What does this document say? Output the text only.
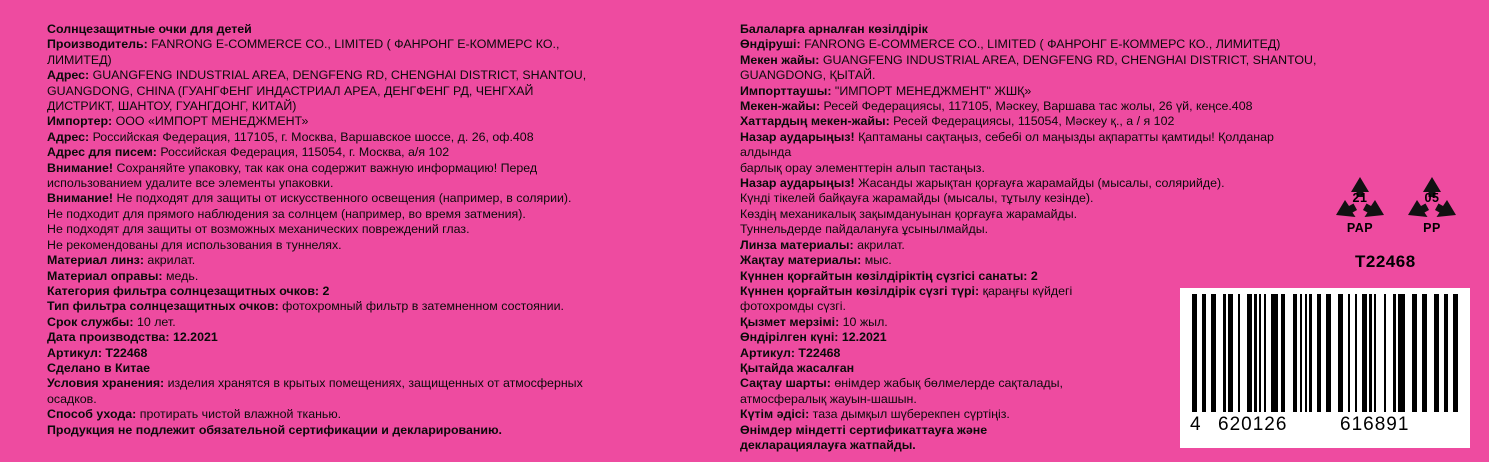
Солнцезащитные очки для детей

Производитель: FANRONG E-COMMERCE CO., LIMITED ( ФАНРОНГ Е-КОММЕРС КО.,

ЛИМИТЕД)

Адрес: GUANGFENG INDUSTRIAL AREA, DENGFENG RD, CHENGHAI DISTRICT, SHANTOU,

GUANGDONG, CHINA (ГУАНГФЕНГ ИНДАСТРИАЛ АРЕА, ДЕНГФЕНГ РД, ЧЕНГХАЙ

ДИСТРИКТ, ШАНТОУ, ГУАНГДОНГ, КИТАЙ)

Импортер: ООО «ИМПОРТ МЕНЕДЖМЕНТ»

Адрес: Российская Федерация, 117105, г. Москва, Варшавское шоссе, д. 26, оф.408

Адрес для писем: Российская Федерация, 115054, г. Москва, а/я 102

Внимание! Сохраняйте упаковку, так как она содержит важную информацию! Перед

использованием удалите все элементы упаковки.

Внимание! Не подходят для защиты от искусственного освещения (например, в солярии).

Не подходит для прямого наблюдения за солнцем (например, во время затмения).

Не подходят для защиты от возможных механических повреждений глаз.

Не рекомендованы для использования в туннелях.

Материал линз: акрилат.

Материал оправы: медь.

Категория фильтра солнцезащитных очков: 2

Тип фильтра солнцезащитных очков: фотохромный фильтр в затемненном состоянии.

Срок службы: 10 лет.

Дата производства: 12.2021

Артикул: T22468

Сделано в Китае

Условия хранения: изделия хранятся в крытых помещениях, защищенных от атмосферных

осадков.

Способ ухода: протирать чистой влажной тканью.

Продукция не подлежит обязательной сертификации и декларированию.

Балаларға арналған көзілдірік

Өндіруші: FANRONG E-COMMERCE CO., LIMITED ( ФАНРОНГ Е-КОММЕРС КО., ЛИМИТЕД)

Мекен жайы: GUANGFENG INDUSTRIAL AREA, DENGFENG RD, CHENGHAI DISTRICT, SHANTOU,

GUANGDONG, ҚЫТАЙ.

Импорттаушы: "ИМПОРТ МЕНЕДЖМЕНТ" ЖШҚ»

Мекен-жайы: Ресей Федерациясы, 117105, Мәскеу, Варшава тас жолы, 26 үй, кеңсе.408

Хаттардың мекен-жайы: Ресей Федерациясы, 115054, Мәскеу қ., а / я 102

Назар аударыңыз! Қаптаманы сақтаңыз, себебі ол маңызды ақпаратты қамтиды! Қолданар алдында

барлық орау элементтерін алып тастаңыз.

Назар аударыңыз! Жасанды жарықтан қорғауға жарамайды (мысалы, солярийде).

Күнді тікелей байқауға жарамайды (мысалы, тұтылу кезінде).

Көздің механикалық зақымдануынан қорғауға жарамайды.

Туннельдерде пайдалануға ұсынылмайды.

Линза материалы: акрилат.

Жақтау материалы: мыс.

Күннен қорғайтын көзілдіріктің сүзгісі санаты: 2

Күннен қорғайтын көзілдірік сүзгі түрі: қараңғы күйдегі

фотохромды сүзгі.

Қызмет мерзімі: 10 жыл.

Өндірілген күні: 12.2021

Артикул: T22468

Қытайда жасалған

Сақтау шарты: өнімдер жабық бөлмелерде сақталады,

атмосфералық жауын-шашын.

Күтім әдісі: таза дымқыл шүберекпен сүртіңіз.

Өнімдер міндетті сертификаттауға және

декларациялауға жатпайды.

21
PAP
05
PP
T22468
4 620126	616891
